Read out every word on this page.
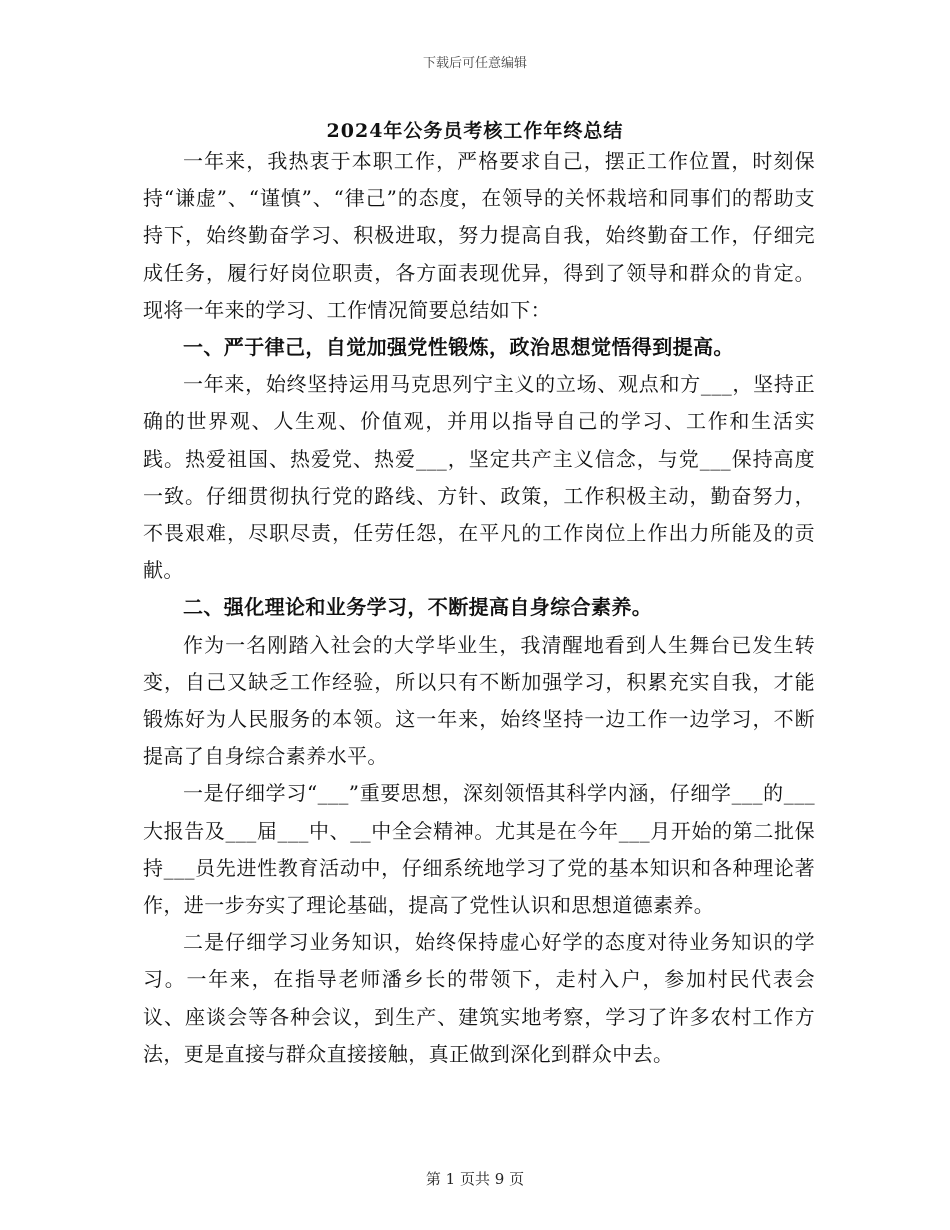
下载后可任意编辑
2024年公务员考核工作年终总结

一年来，我热衷于本职工作，严格要求自己，摆正工作位置，时刻保持“谦虚”、“谨慎”、“律己”的态度，在领导的关怀栽培和同事们的帮助支持下，始终勤奋学习、积极进取，努力提高自我，始终勤奋工作，仔细完成任务，履行好岗位职责，各方面表现优异，得到了领导和群众的肯定。现将一年来的学习、工作情况简要总结如下：

一、严于律己，自觉加强党性锻炼，政治思想觉悟得到提高。

一年来，始终坚持运用马克思列宁主义的立场、观点和方___，坚持正确的世界观、人生观、价值观，并用以指导自己的学习、工作和生活实践。热爱祖国、热爱党、热爱___，坚定共产主义信念，与党___保持高度一致。仔细贯彻执行党的路线、方针、政策，工作积极主动，勤奋努力，不畏艰难，尽职尽责，任劳任怨，在平凡的工作岗位上作出力所能及的贡献。

二、强化理论和业务学习，不断提高自身综合素养。

作为一名刚踏入社会的大学毕业生，我清醒地看到人生舞台已发生转变，自己又缺乏工作经验，所以只有不断加强学习，积累充实自我，才能锻炼好为人民服务的本领。这一年来，始终坚持一边工作一边学习，不断提高了自身综合素养水平。

一是仔细学习“___”重要思想，深刻领悟其科学内涵，仔细学___的___大报告及___届___中、__中全会精神。尤其是在今年___月开始的第二批保持___员先进性教育活动中，仔细系统地学习了党的基本知识和各种理论著作，进一步夯实了理论基础，提高了党性认识和思想道德素养。

二是仔细学习业务知识，始终保持虚心好学的态度对待业务知识的学习。一年来，在指导老师潘乡长的带领下，走村入户，参加村民代表会议、座谈会等各种会议，到生产、建筑实地考察，学习了许多农村工作方法，更是直接与群众直接接触，真正做到深化到群众中去。

第 1 页共 9 页
